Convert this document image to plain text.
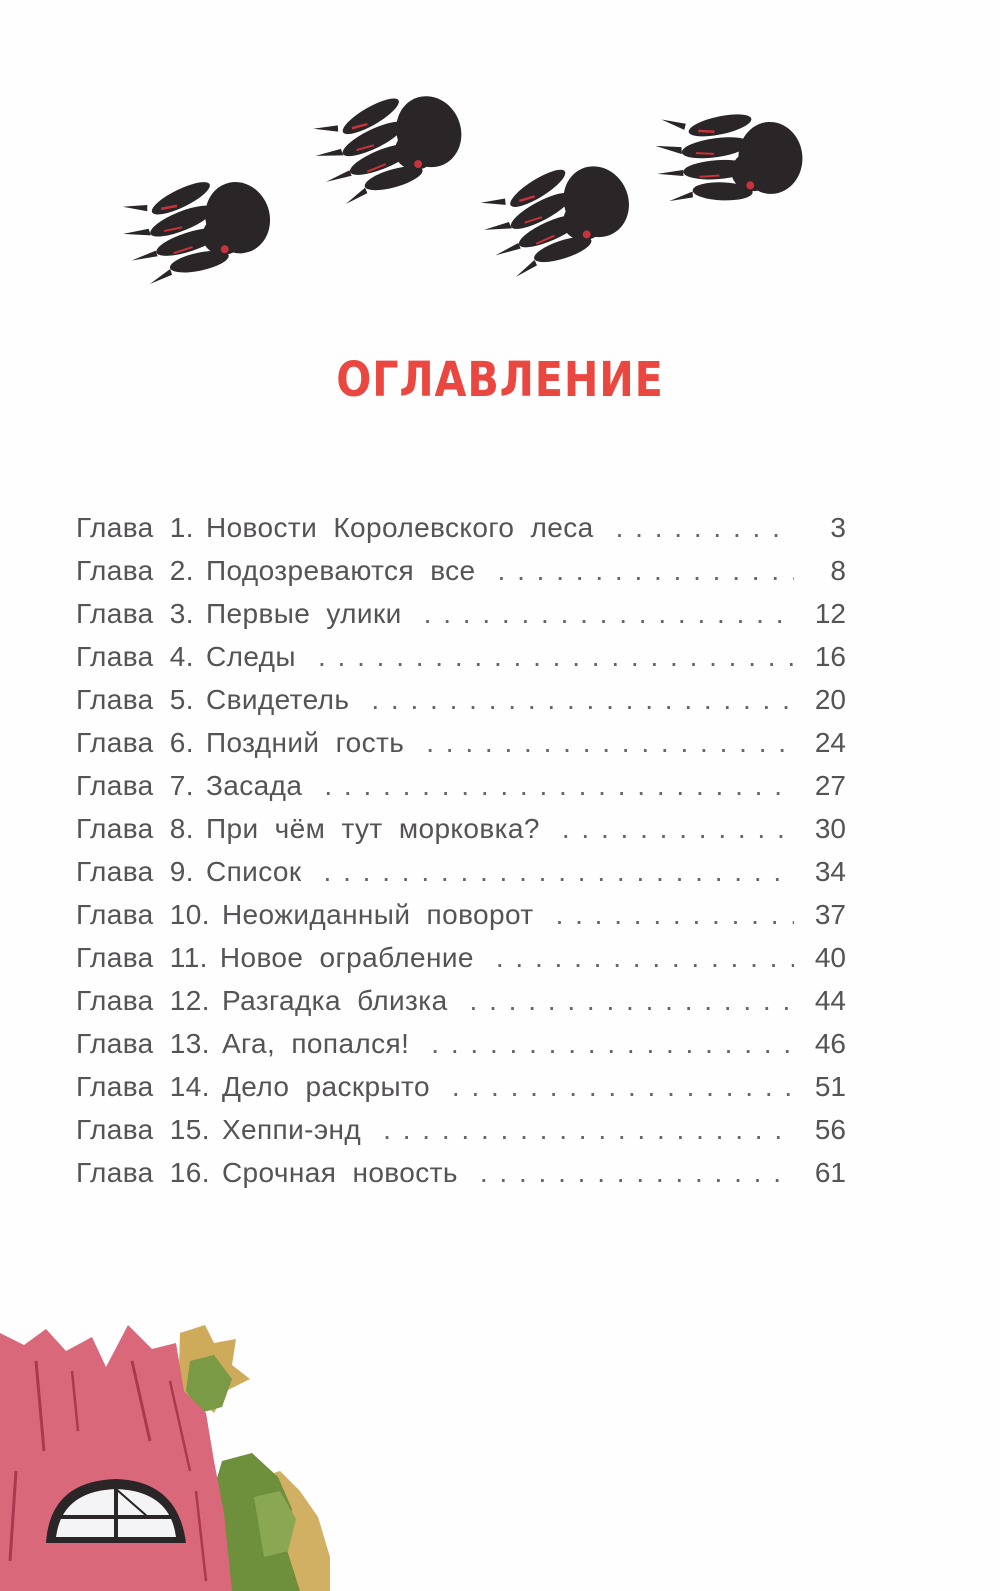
ОГЛАВЛЕНИЕ
Глава 1. Новости Королевского леса . . .	3
Глава 2. Подозреваются все . . .	8
Глава 3. Первые улики . . .	12
Глава 4. Следы . . .	16
Глава 5. Свидетель . . .	20
Глава 6. Поздний гость . . .	24
Глава 7. Засада . . .	27
Глава 8. При чём тут морковка? . . .	30
Глава 9. Список . . .	34
Глава 10. Неожиданный поворот . . .	37
Глава 11. Новое ограбление . . .	40
Глава 12. Разгадка близка . . .	44
Глава 13. Ага, попался! . . .	46
Глава 14. Дело раскрыто . . .	51
Глава 15. Хеппи-энд . . .	56
Глава 16. Срочная новость . . .	61
